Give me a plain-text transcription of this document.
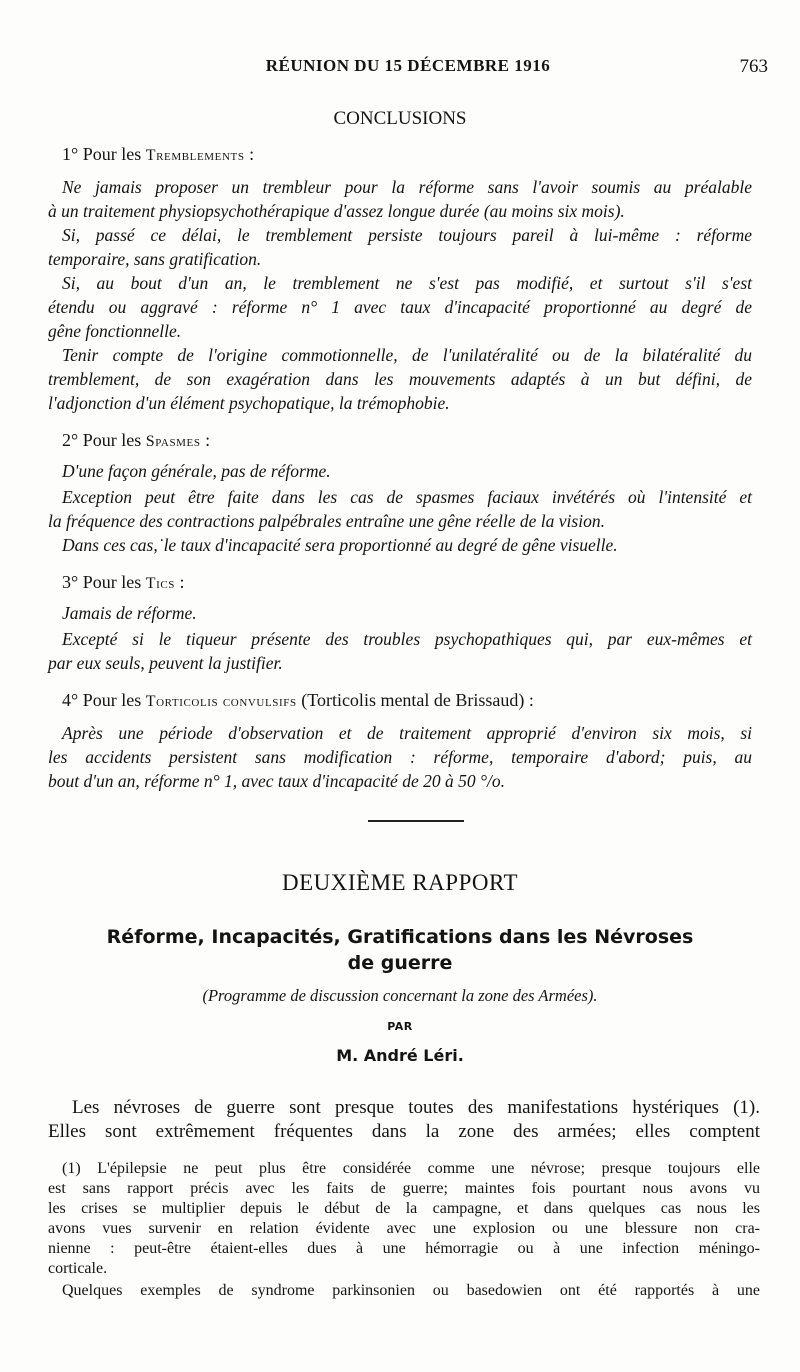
RÉUNION DU 15 DÉCEMBRE 1916	763
CONCLUSIONS
1° Pour les Tremblements :
Ne jamais proposer un trembleur pour la réforme sans l'avoir soumis au préalable
à un traitement physiopsychothérapique d'assez longue durée (au moins six mois).
Si, passé ce délai, le tremblement persiste toujours pareil à lui-même : réforme
temporaire, sans gratification.
Si, au bout d'un an, le tremblement ne s'est pas modifié, et surtout s'il s'est
étendu ou aggravé : réforme n° 1 avec taux d'incapacité proportionné au degré de
gêne fonctionnelle.
Tenir compte de l'origine commotionnelle, de l'unilatéralité ou de la bilatéralité du
tremblement, de son exagération dans les mouvements adaptés à un but défini, de
l'adjonction d'un élément psychopatique, la trémophobie.
2° Pour les Spasmes :
D'une façon générale, pas de réforme.
Exception peut être faite dans les cas de spasmes faciaux invétérés où l'intensité et
la fréquence des contractions palpébrales entraîne une gêne réelle de la vision.
Dans ces cas,˙le taux d'incapacité sera proportionné au degré de gêne visuelle.
3° Pour les Tics :
Jamais de réforme.
Excepté si le tiqueur présente des troubles psychopathiques qui, par eux-mêmes et
par eux seuls, peuvent la justifier.
4° Pour les Torticolis convulsifs (Torticolis mental de Brissaud) :
Après une période d'observation et de traitement approprié d'environ six mois, si
les accidents persistent sans modification : réforme, temporaire d'abord; puis, au
bout d'un an, réforme n° 1, avec taux d'incapacité de 20 à 50 °/o.
DEUXIÈME RAPPORT
Réforme, Incapacités, Gratifications dans les Névroses
de guerre
(Programme de discussion concernant la zone des Armées).
PAR
M. André Léri.
Les névroses de guerre sont presque toutes des manifestations hystériques (1).
Elles sont extrêmement fréquentes dans la zone des armées; elles comptent
(1) L'épilepsie ne peut plus être considérée comme une névrose; presque toujours elle
est sans rapport précis avec les faits de guerre; maintes fois pourtant nous avons vu
les crises se multiplier depuis le début de la campagne, et dans quelques cas nous les
avons vues survenir en relation évidente avec une explosion ou une blessure non cra-
nienne : peut-être étaient-elles dues à une hémorragie ou à une infection méningo-
corticale.
Quelques exemples de syndrome parkinsonien ou basedowien ont été rapportés à une
